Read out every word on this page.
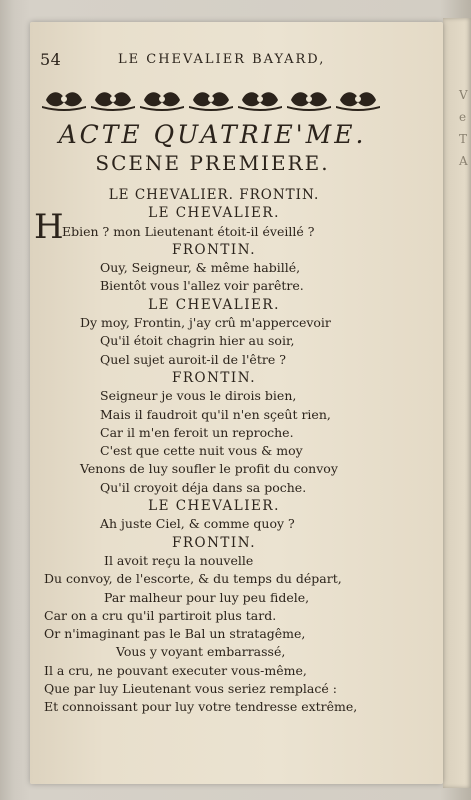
V
e
T
A
54	LE CHEVALIER BAYARD,
ACTE QUATRIE'ME.
SCENE PREMIERE.
H
LE CHEVALIER. FRONTIN.
LE CHEVALIER.
Ebien ? mon Lieutenant étoit-il éveillé ?
FRONTIN.
Ouy, Seigneur, & même habillé,
Bientôt vous l'allez voir parêtre.
LE CHEVALIER.
Dy moy, Frontin, j'ay crû m'appercevoir
Qu'il étoit chagrin hier au soir,
Quel sujet auroit-il de l'être ?
FRONTIN.
Seigneur je vous le dirois bien,
Mais il faudroit qu'il n'en sçeût rien,
Car il m'en feroit un reproche.
C'est que cette nuit vous & moy
Venons de luy soufler le profit du convoy
Qu'il croyoit déja dans sa poche.
LE CHEVALIER.
Ah juste Ciel, & comme quoy ?
FRONTIN.
Il avoit reçu la nouvelle
Du convoy, de l'escorte, & du temps du départ,
Par malheur pour luy peu fidele,
Car on a cru qu'il partiroit plus tard.
Or n'imaginant pas le Bal un stratagême,
Vous y voyant embarrassé,
Il a cru, ne pouvant executer vous-même,
Que par luy Lieutenant vous seriez remplacé :
Et connoissant pour luy votre tendresse extrême,
